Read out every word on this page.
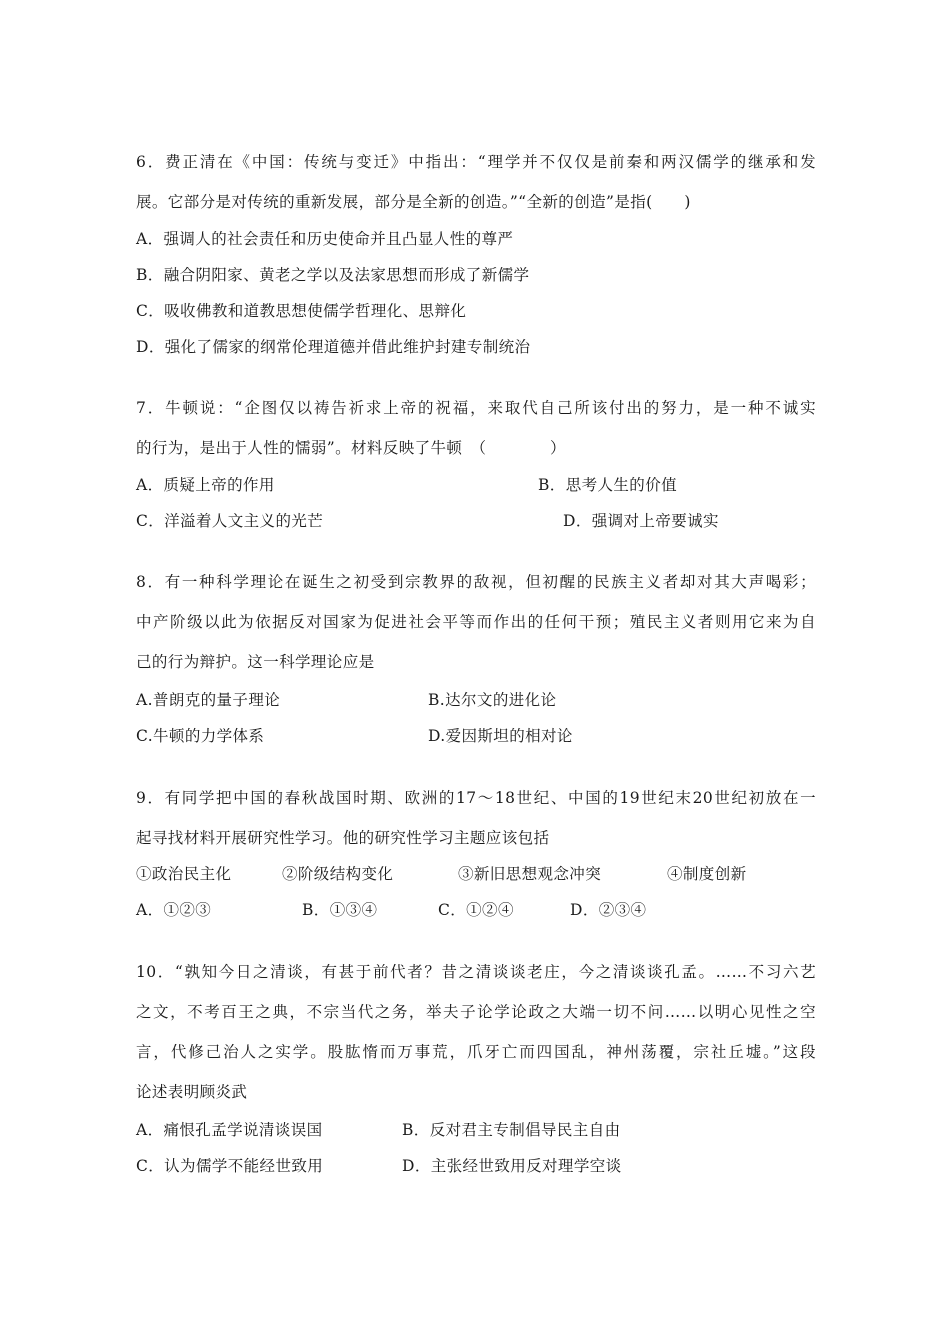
6．费正清在《中国：传统与变迁》中指出：“理学并不仅仅是前秦和两汉儒学的继承和发
展。它部分是对传统的重新发展，部分是全新的创造。”“全新的创造”是指(　　)
A．强调人的社会责任和历史使命并且凸显人性的尊严
B．融合阴阳家、黄老之学以及法家思想而形成了新儒学
C．吸收佛教和道教思想使儒学哲理化、思辩化
D．强化了儒家的纲常伦理道德并借此维护封建专制统治
7．牛顿说：“企图仅以祷告祈求上帝的祝福，来取代自己所该付出的努力，是一种不诚实
的行为，是出于人性的懦弱”。材料反映了牛顿　（　　　　）
A．质疑上帝的作用	B．思考人生的价值
C．洋溢着人文主义的光芒	D．强调对上帝要诚实
8．有一种科学理论在诞生之初受到宗教界的敌视，但初醒的民族主义者却对其大声喝彩；
中产阶级以此为依据反对国家为促进社会平等而作出的任何干预；殖民主义者则用它来为自
己的行为辩护。这一科学理论应是
A.普朗克的量子理论	B.达尔文的进化论
C.牛顿的力学体系	D.爱因斯坦的相对论
9．有同学把中国的春秋战国时期、欧洲的17～18世纪、中国的19世纪末20世纪初放在一
起寻找材料开展研究性学习。他的研究性学习主题应该包括
①政治民主化	②阶级结构变化	③新旧思想观念冲突	④制度创新
A．①②③	B．①③④	C．①②④	D．②③④
10．“孰知今日之清谈，有甚于前代者？昔之清谈谈老庄，今之清谈谈孔孟。……不习六艺
之文，不考百王之典，不宗当代之务，举夫子论学论政之大端一切不问……以明心见性之空
言，代修己治人之实学。股肱惰而万事荒，爪牙亡而四国乱，神州荡覆，宗社丘墟。”这段
论述表明顾炎武
A．痛恨孔孟学说清谈误国	B．反对君主专制倡导民主自由
C．认为儒学不能经世致用	D．主张经世致用反对理学空谈
